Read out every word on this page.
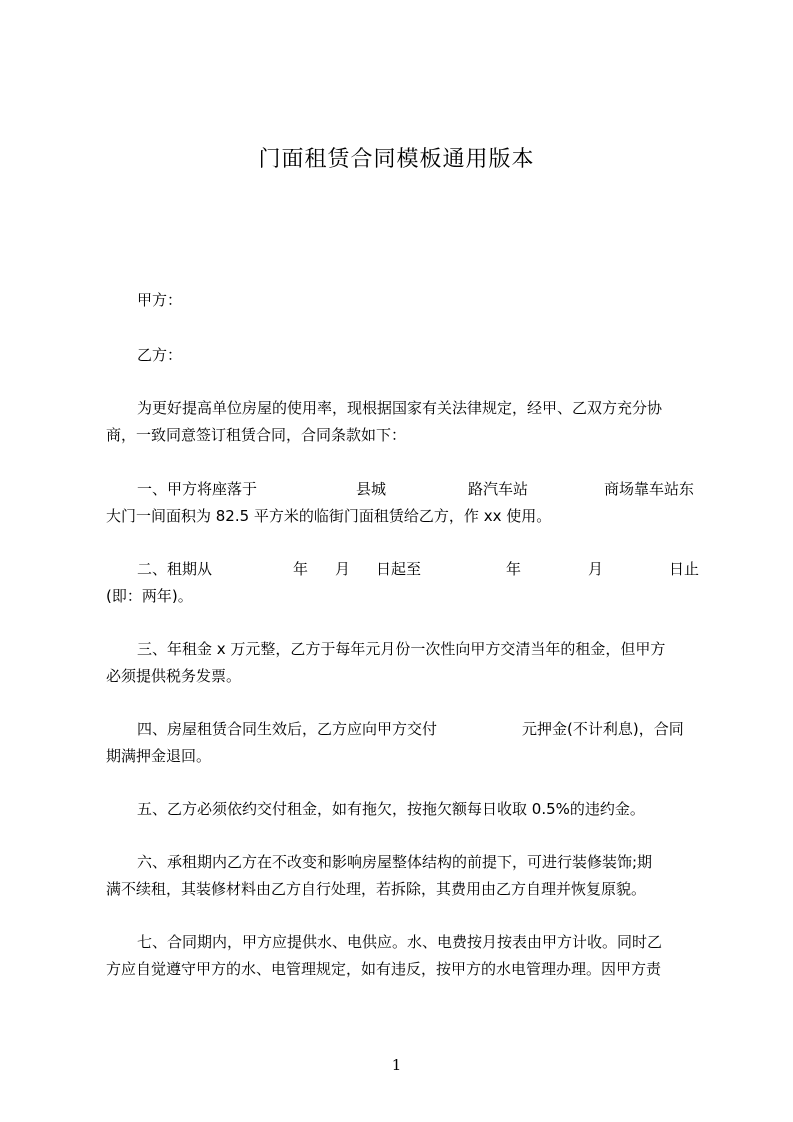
门面租赁合同模板通用版本
甲方：
乙方：
为更好提高单位房屋的使用率，现根据国家有关法律规定，经甲、乙双方充分协
商，一致同意签订租赁合同，合同条款如下：
一、甲方将座落于	县城	路汽车站	商场靠车站东
大门一间面积为 82.5 平方米的临街门面租赁给乙方，作 xx 使用。
二、租期从	年 月 日起至	年	月	日止
(即：两年)。
三、年租金 x 万元整，乙方于每年元月份一次性向甲方交清当年的租金，但甲方
必须提供税务发票。
四、房屋租赁合同生效后，乙方应向甲方交付	元押金(不计利息)，合同
期满押金退回。
五、乙方必须依约交付租金，如有拖欠，按拖欠额每日收取 0.5%的违约金。
六、承租期内乙方在不改变和影响房屋整体结构的前提下，可进行装修装饰;期
满不续租，其装修材料由乙方自行处理，若拆除，其费用由乙方自理并恢复原貌。
七、合同期内，甲方应提供水、电供应。水、电费按月按表由甲方计收。同时乙
方应自觉遵守甲方的水、电管理规定，如有违反，按甲方的水电管理办理。因甲方责
1
